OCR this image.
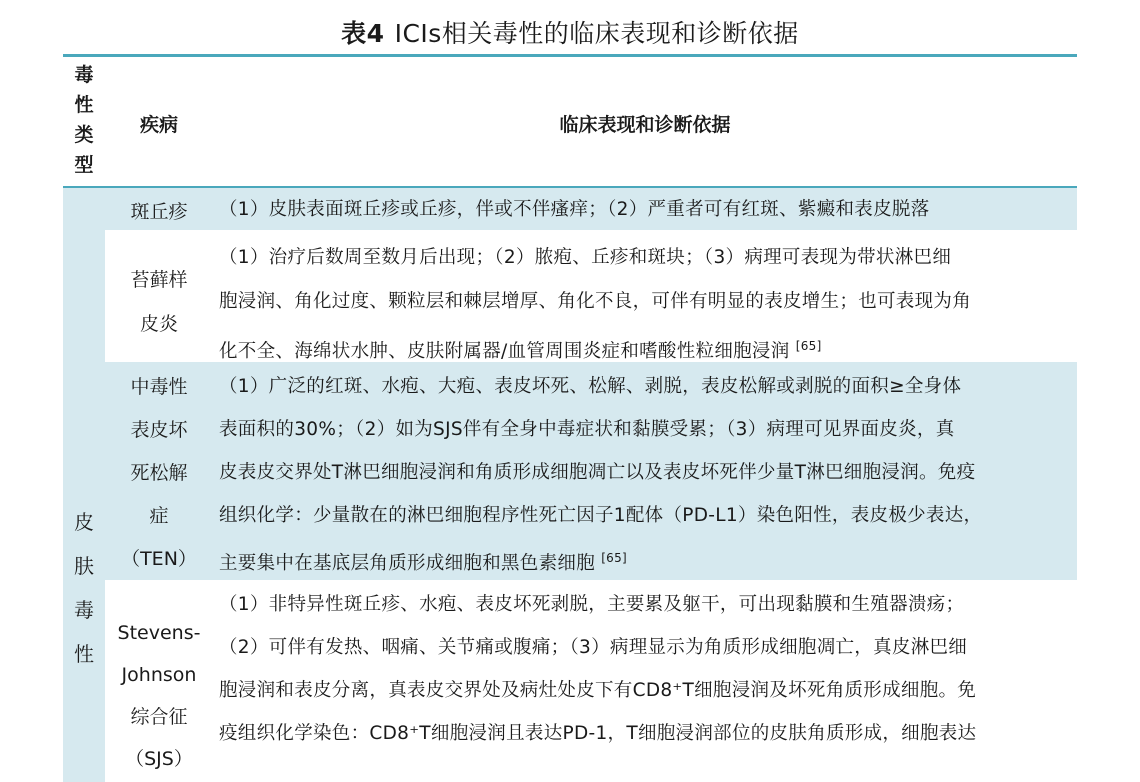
表4 ICIs相关毒性的临床表现和诊断依据
毒
性
类
型
疾病	临床表现和诊断依据
皮
肤
毒
性
斑丘疹	（1）皮肤表面斑丘疹或丘疹，伴或不伴瘙痒；（2）严重者可有红斑、紫癜和表皮脱落
苔藓样
皮炎
（1）治疗后数周至数月后出现；（2）脓疱、丘疹和斑块；（3）病理可表现为带状淋巴细
胞浸润、角化过度、颗粒层和棘层增厚、角化不良，可伴有明显的表皮增生；也可表现为角
化不全、海绵状水肿、皮肤附属器/血管周围炎症和嗜酸性粒细胞浸润 [65]
中毒性
表皮坏
死松解
症
（TEN）
（1）广泛的红斑、水疱、大疱、表皮坏死、松解、剥脱，表皮松解或剥脱的面积≥全身体
表面积的30%；（2）如为SJS伴有全身中毒症状和黏膜受累；（3）病理可见界面皮炎，真
皮表皮交界处T淋巴细胞浸润和角质形成细胞凋亡以及表皮坏死伴少量T淋巴细胞浸润。免疫
组织化学：少量散在的淋巴细胞程序性死亡因子1配体（PD-L1）染色阳性，表皮极少表达，
主要集中在基底层角质形成细胞和黑色素细胞 [65]
Stevens-
Johnson
综合征
（SJS）
（1）非特异性斑丘疹、水疱、表皮坏死剥脱，主要累及躯干，可出现黏膜和生殖器溃疡；
（2）可伴有发热、咽痛、关节痛或腹痛；（3）病理显示为角质形成细胞凋亡，真皮淋巴细
胞浸润和表皮分离，真表皮交界处及病灶处皮下有CD8⁺T细胞浸润及坏死角质形成细胞。免
疫组织化学染色：CD8⁺T细胞浸润且表达PD-1，T细胞浸润部位的皮肤角质形成，细胞表达
